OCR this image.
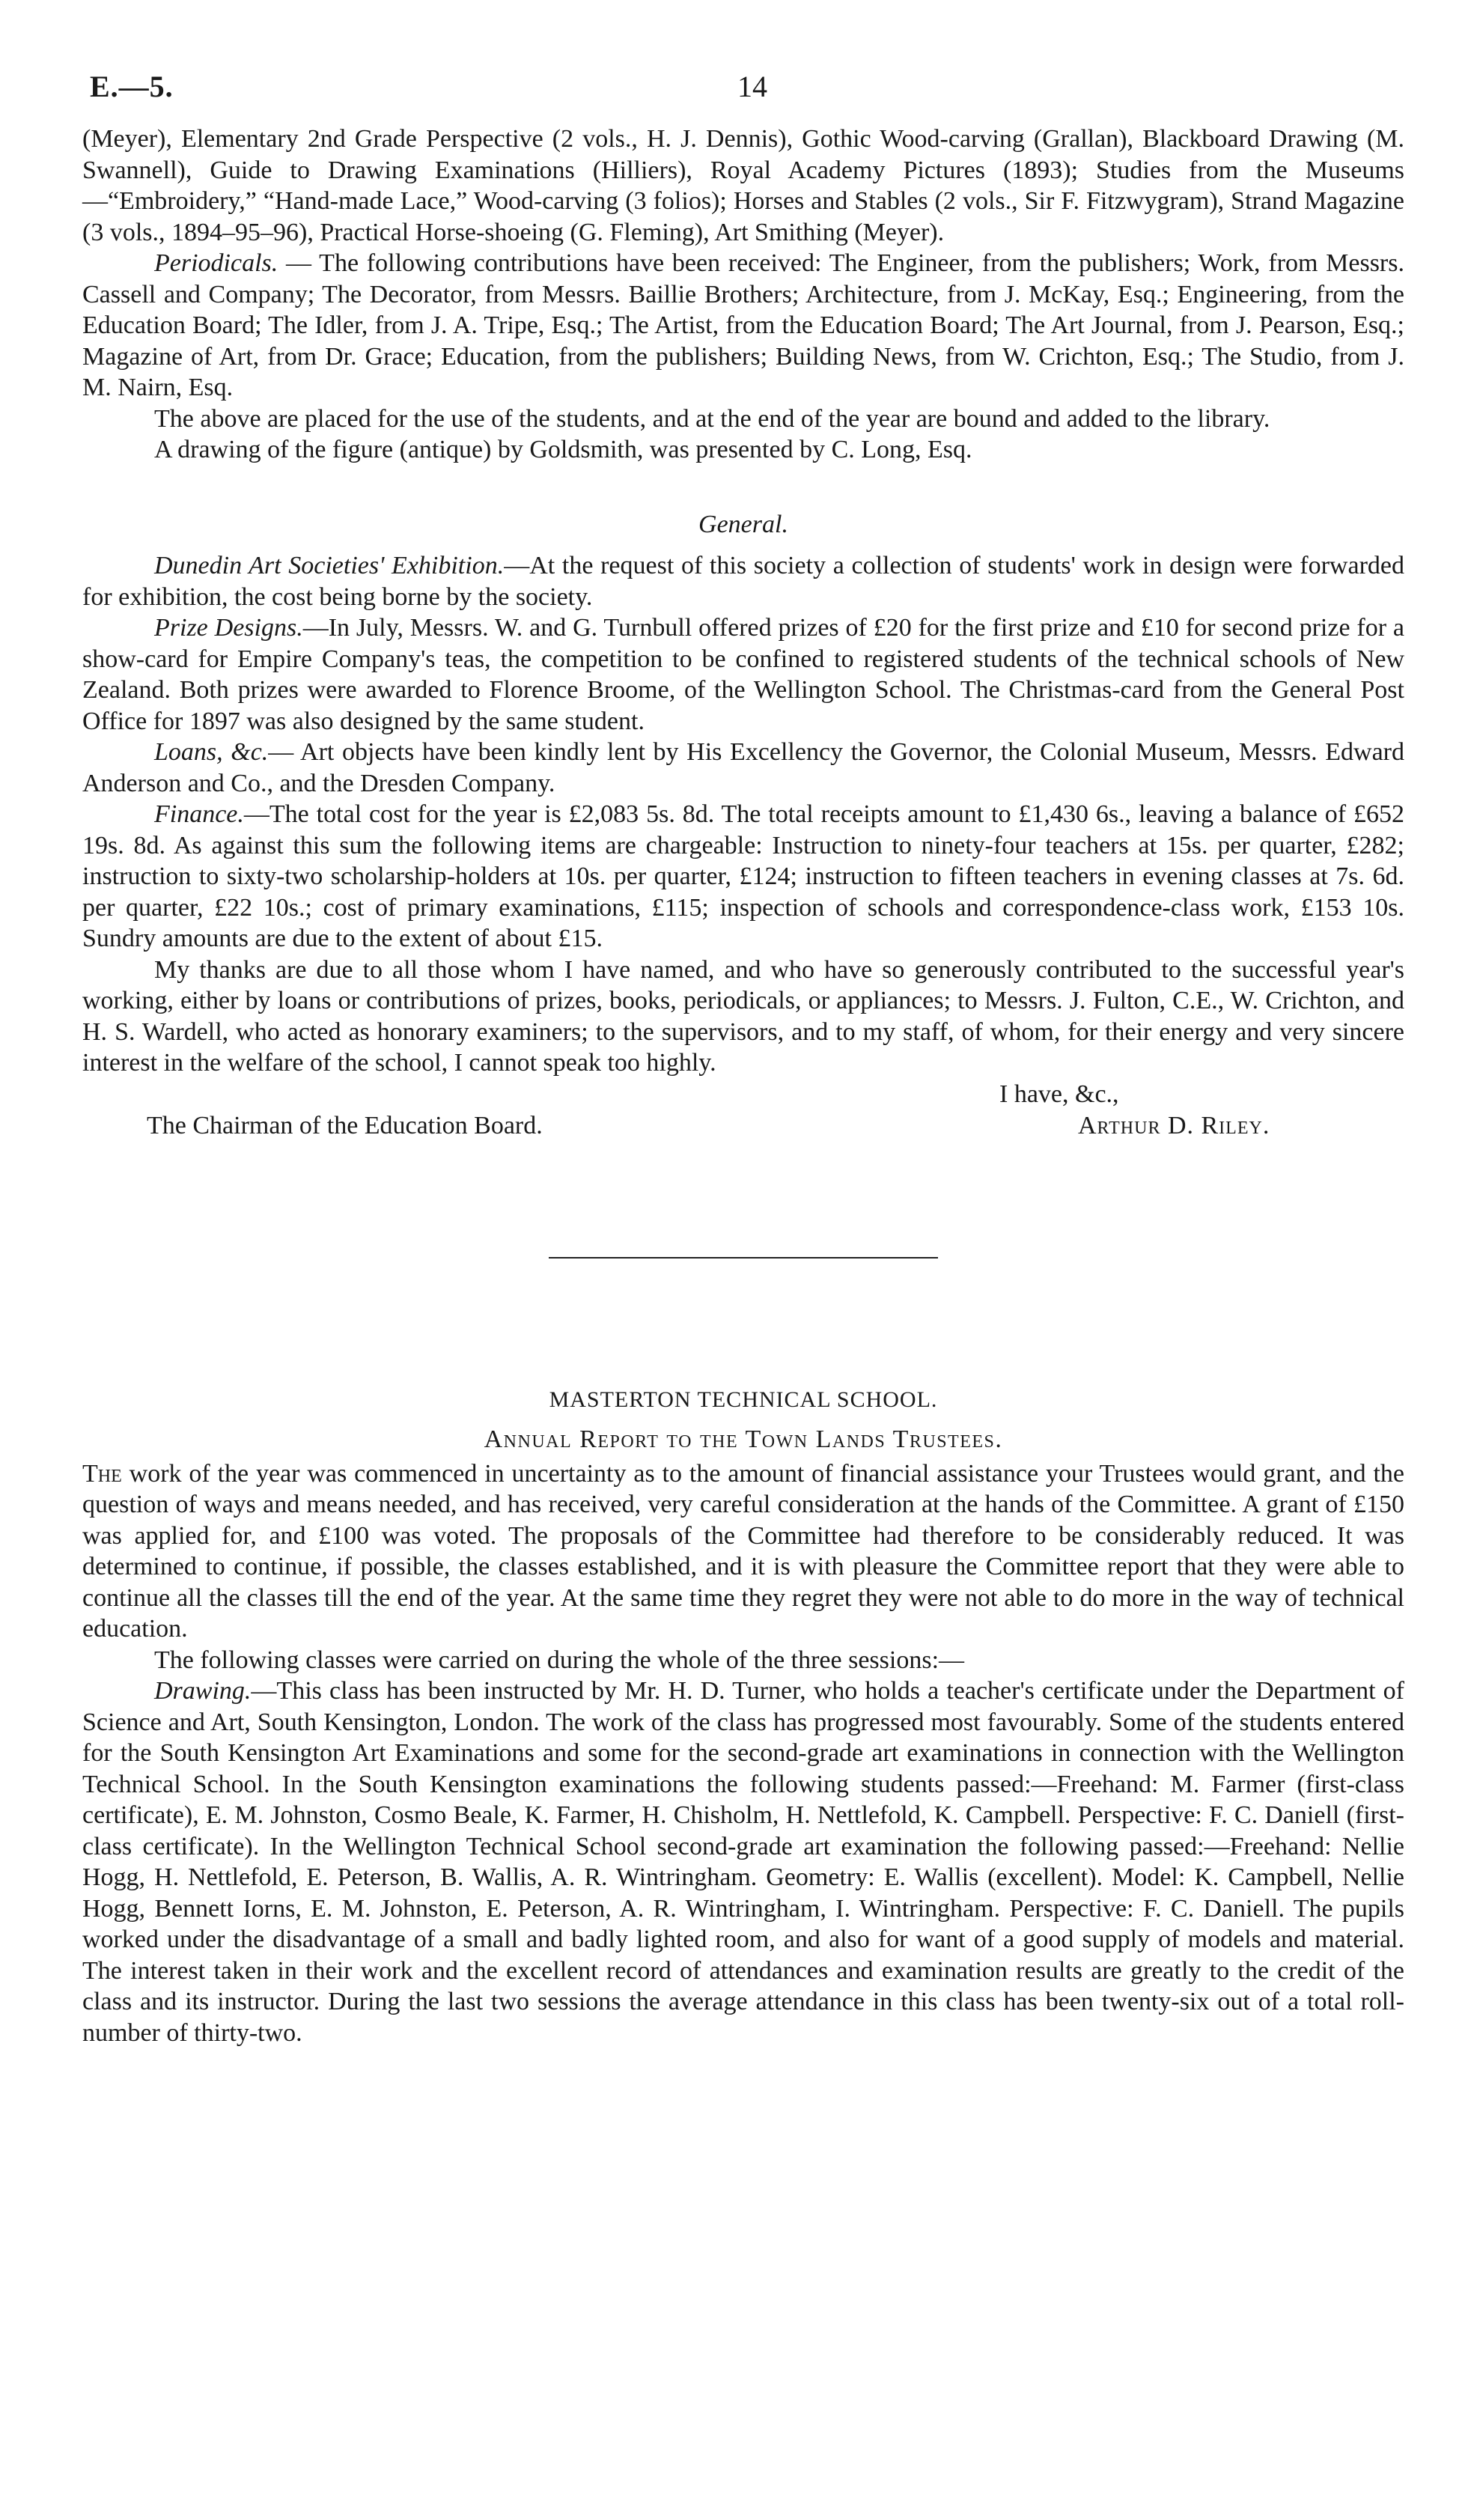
E.—5.	14

(Meyer), Elementary 2nd Grade Perspective (2 vols., H. J. Dennis), Gothic Wood-carving (Grallan), Blackboard Drawing (M. Swannell), Guide to Drawing Examinations (Hilliers), Royal Academy Pictures (1893); Studies from the Museums—“Embroidery,” “Hand-made Lace,” Wood-carving (3 folios); Horses and Stables (2 vols., Sir F. Fitzwygram), Strand Magazine (3 vols., 1894–95–96), Practical Horse-shoeing (G. Fleming), Art Smithing (Meyer).

Periodicals. — The following contributions have been received: The Engineer, from the publishers; Work, from Messrs. Cassell and Company; The Decorator, from Messrs. Baillie Brothers; Architecture, from J. McKay, Esq.; Engineering, from the Education Board; The Idler, from J. A. Tripe, Esq.; The Artist, from the Education Board; The Art Journal, from J. Pearson, Esq.; Magazine of Art, from Dr. Grace; Education, from the publishers; Building News, from W. Crichton, Esq.; The Studio, from J. M. Nairn, Esq.

The above are placed for the use of the students, and at the end of the year are bound and added to the library.

A drawing of the figure (antique) by Goldsmith, was presented by C. Long, Esq.

General.

Dunedin Art Societies' Exhibition.—At the request of this society a collection of students' work in design were forwarded for exhibition, the cost being borne by the society.

Prize Designs.—In July, Messrs. W. and G. Turnbull offered prizes of £20 for the first prize and £10 for second prize for a show-card for Empire Company's teas, the competition to be confined to registered students of the technical schools of New Zealand. Both prizes were awarded to Florence Broome, of the Wellington School. The Christmas-card from the General Post Office for 1897 was also designed by the same student.

Loans, &c.— Art objects have been kindly lent by His Excellency the Governor, the Colonial Museum, Messrs. Edward Anderson and Co., and the Dresden Company.

Finance.—The total cost for the year is £2,083 5s. 8d. The total receipts amount to £1,430 6s., leaving a balance of £652 19s. 8d. As against this sum the following items are chargeable: Instruction to ninety-four teachers at 15s. per quarter, £282; instruction to sixty-two scholarship-holders at 10s. per quarter, £124; instruction to fifteen teachers in evening classes at 7s. 6d. per quarter, £22 10s.; cost of primary examinations, £115; inspection of schools and correspondence-class work, £153 10s. Sundry amounts are due to the extent of about £15.

My thanks are due to all those whom I have named, and who have so generously contributed to the successful year's working, either by loans or contributions of prizes, books, periodicals, or appliances; to Messrs. J. Fulton, C.E., W. Crichton, and H. S. Wardell, who acted as honorary examiners; to the supervisors, and to my staff, of whom, for their energy and very sincere interest in the welfare of the school, I cannot speak too highly.

I have, &c.,
The Chairman of the Education Board.	Arthur D. Riley.
MASTERTON TECHNICAL SCHOOL.
Annual Report to the Town Lands Trustees.

The work of the year was commenced in uncertainty as to the amount of financial assistance your Trustees would grant, and the question of ways and means needed, and has received, very careful consideration at the hands of the Committee. A grant of £150 was applied for, and £100 was voted. The proposals of the Committee had therefore to be considerably reduced. It was determined to continue, if possible, the classes established, and it is with pleasure the Committee report that they were able to continue all the classes till the end of the year. At the same time they regret they were not able to do more in the way of technical education.

The following classes were carried on during the whole of the three sessions:—

Drawing.—This class has been instructed by Mr. H. D. Turner, who holds a teacher's certificate under the Department of Science and Art, South Kensington, London. The work of the class has progressed most favourably. Some of the students entered for the South Kensington Art Examinations and some for the second-grade art examinations in connection with the Wellington Technical School. In the South Kensington examinations the following students passed:—Freehand: M. Farmer (first-class certificate), E. M. Johnston, Cosmo Beale, K. Farmer, H. Chisholm, H. Nettlefold, K. Campbell. Perspective: F. C. Daniell (first-class certificate). In the Wellington Technical School second-grade art examination the following passed:—Freehand: Nellie Hogg, H. Nettlefold, E. Peterson, B. Wallis, A. R. Wintringham. Geometry: E. Wallis (excellent). Model: K. Campbell, Nellie Hogg, Bennett Iorns, E. M. Johnston, E. Peterson, A. R. Wintringham, I. Wintringham. Perspective: F. C. Daniell. The pupils worked under the disadvantage of a small and badly lighted room, and also for want of a good supply of models and material. The interest taken in their work and the excellent record of attendances and examination results are greatly to the credit of the class and its instructor. During the last two sessions the average attendance in this class has been twenty-six out of a total roll-number of thirty-two.
